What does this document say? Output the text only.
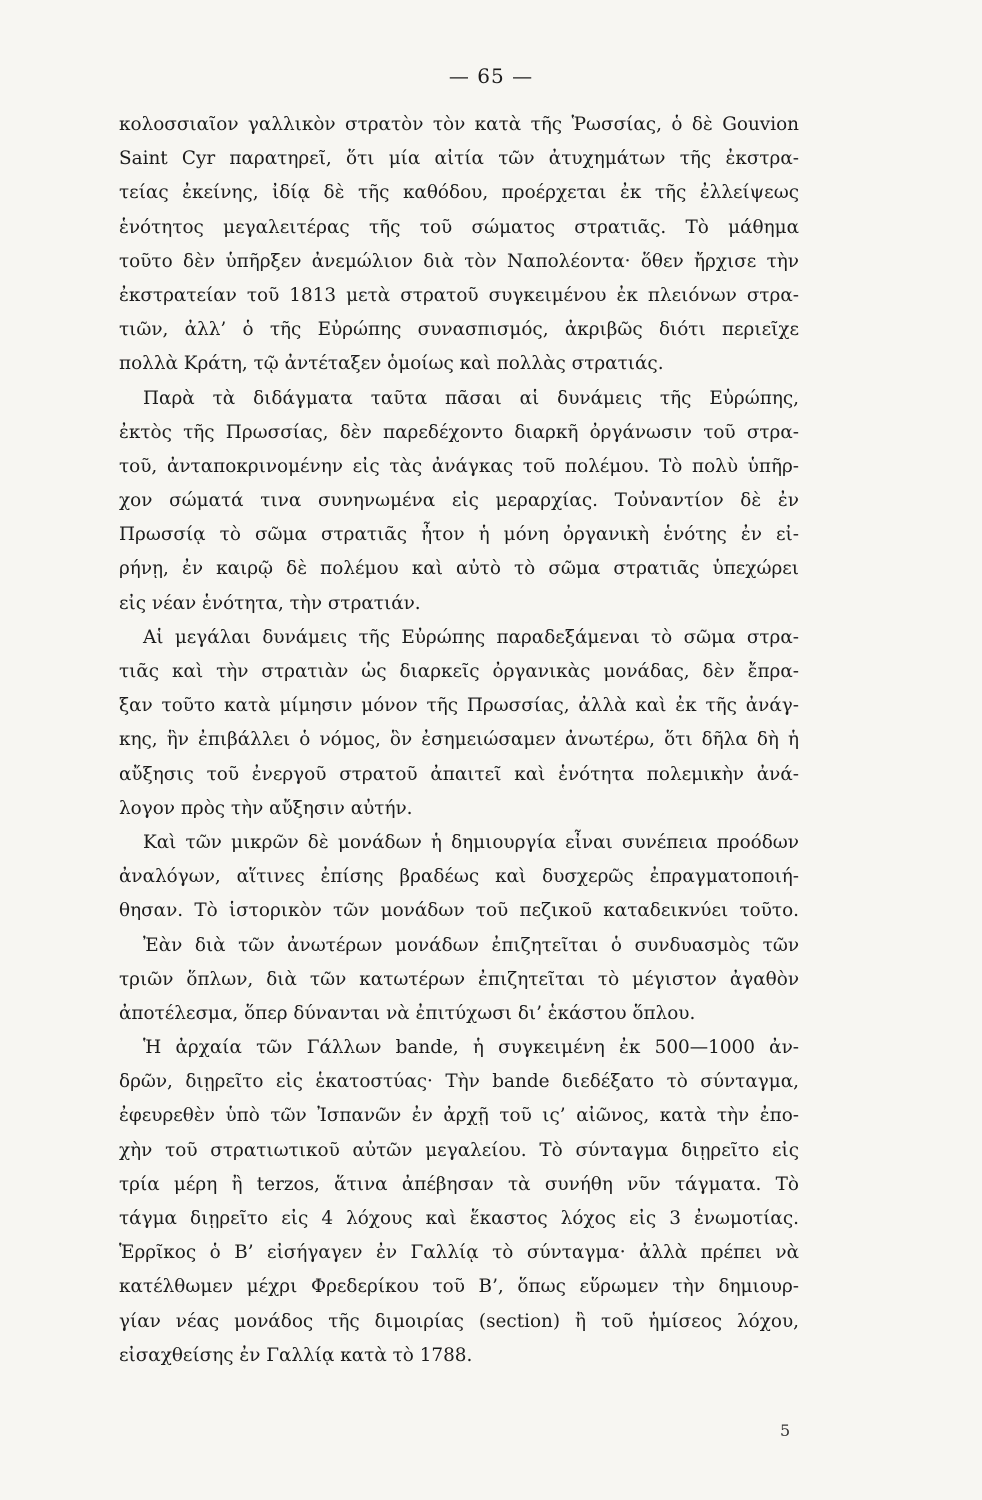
— 65 —
κολοσσιαῖον γαλλικὸν στρατὸν τὸν κατὰ τῆς Ῥωσσίας, ὁ δὲ Gouvion
Saint Cyr παρατηρεῖ, ὅτι μία αἰτία τῶν ἀτυχημάτων τῆς ἐκστρα-
τείας ἐκείνης, ἰδίᾳ δὲ τῆς καθόδου, προέρχεται ἐκ τῆς ἐλλείψεως
ἑνότητος μεγαλειτέρας τῆς τοῦ σώματος στρατιᾶς. Τὸ μάθημα
τοῦτο δὲν ὑπῆρξεν ἀνεμώλιον διὰ τὸν Ναπολέοντα· ὅθεν ἤρχισε τὴν
ἐκστρατείαν τοῦ 1813 μετὰ στρατοῦ συγκειμένου ἐκ πλειόνων στρα-
τιῶν, ἀλλ’ ὁ τῆς Εὐρώπης συνασπισμός, ἀκριβῶς διότι περιεῖχε
πολλὰ Κράτη, τῷ ἀντέταξεν ὁμοίως καὶ πολλὰς στρατιάς.
Παρὰ τὰ διδάγματα ταῦτα πᾶσαι αἱ δυνάμεις τῆς Εὐρώπης,
ἐκτὸς τῆς Πρωσσίας, δὲν παρεδέχοντο διαρκῆ ὀργάνωσιν τοῦ στρα-
τοῦ, ἀνταποκρινομένην εἰς τὰς ἀνάγκας τοῦ πολέμου. Τὸ πολὺ ὑπῆρ-
χον σώματά τινα συνηνωμένα εἰς μεραρχίας. Τοὐναντίον δὲ ἐν
Πρωσσίᾳ τὸ σῶμα στρατιᾶς ἦτον ἡ μόνη ὀργανικὴ ἑνότης ἐν εἰ-
ρήνῃ, ἐν καιρῷ δὲ πολέμου καὶ αὐτὸ τὸ σῶμα στρατιᾶς ὑπεχώρει
εἰς νέαν ἑνότητα, τὴν στρατιάν.
Αἱ μεγάλαι δυνάμεις τῆς Εὐρώπης παραδεξάμεναι τὸ σῶμα στρα-
τιᾶς καὶ τὴν στρατιὰν ὡς διαρκεῖς ὀργανικὰς μονάδας, δὲν ἔπρα-
ξαν τοῦτο κατὰ μίμησιν μόνον τῆς Πρωσσίας, ἀλλὰ καὶ ἐκ τῆς ἀνάγ-
κης, ἣν ἐπιβάλλει ὁ νόμος, ὃν ἐσημειώσαμεν ἀνωτέρω, ὅτι δῆλα δὴ ἡ
αὔξησις τοῦ ἐνεργοῦ στρατοῦ ἀπαιτεῖ καὶ ἑνότητα πολεμικὴν ἀνά-
λογον πρὸς τὴν αὔξησιν αὐτήν.
Καὶ τῶν μικρῶν δὲ μονάδων ἡ δημιουργία εἶναι συνέπεια προόδων
ἀναλόγων, αἵτινες ἐπίσης βραδέως καὶ δυσχερῶς ἐπραγματοποιή-
θησαν. Τὸ ἱστορικὸν τῶν μονάδων τοῦ πεζικοῦ καταδεικνύει τοῦτο.
Ἐὰν διὰ τῶν ἀνωτέρων μονάδων ἐπιζητεῖται ὁ συνδυασμὸς τῶν
τριῶν ὅπλων, διὰ τῶν κατωτέρων ἐπιζητεῖται τὸ μέγιστον ἀγαθὸν
ἀποτέλεσμα, ὅπερ δύνανται νὰ ἐπιτύχωσι δι’ ἑκάστου ὅπλου.
Ἡ ἀρχαία τῶν Γάλλων bande, ἡ συγκειμένη ἐκ 500—1000 ἀν-
δρῶν, διῃρεῖτο εἰς ἑκατοστύας· Τὴν bande διεδέξατο τὸ σύνταγμα,
ἐφευρεθὲν ὑπὸ τῶν Ἰσπανῶν ἐν ἀρχῇ τοῦ ις’ αἰῶνος, κατὰ τὴν ἐπο-
χὴν τοῦ στρατιωτικοῦ αὐτῶν μεγαλείου. Τὸ σύνταγμα διῃρεῖτο εἰς
τρία μέρη ἢ terzos, ἅτινα ἀπέβησαν τὰ συνήθη νῦν τάγματα. Τὸ
τάγμα διῃρεῖτο εἰς 4 λόχους καὶ ἕκαστος λόχος εἰς 3 ἐνωμοτίας.
Ἑρρῖκος ὁ Β’ εἰσήγαγεν ἐν Γαλλίᾳ τὸ σύνταγμα· ἀλλὰ πρέπει νὰ
κατέλθωμεν μέχρι Φρεδερίκου τοῦ Β’, ὅπως εὕρωμεν τὴν δημιουρ-
γίαν νέας μονάδος τῆς διμοιρίας (section) ἢ τοῦ ἡμίσεος λόχου,
εἰσαχθείσης ἐν Γαλλίᾳ κατὰ τὸ 1788.
5
